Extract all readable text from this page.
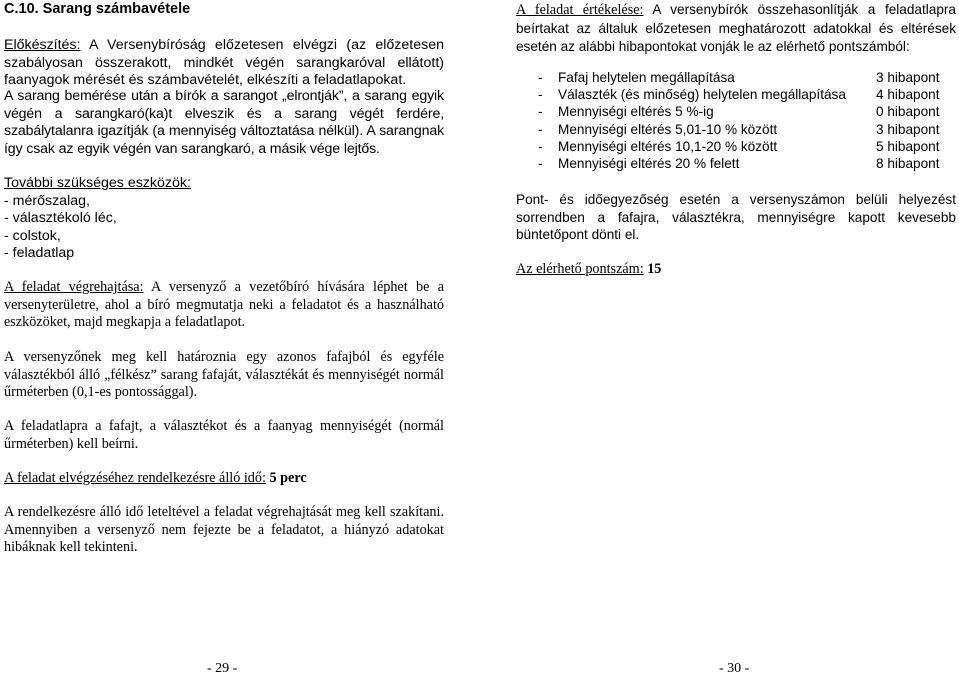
C.10. Sarang számbavétele

Előkészítés: A Versenybíróság előzetesen elvégzi (az előzetesen szabályosan összerakott, mindkét végén sarangkaróval ellátott) faanyagok mérését és számbavételét, elkészíti a feladatlapokat.

A sarang bemérése után a bírók a sarangot „elrontják”, a sarang egyik végén a sarangkaró(ka)t elveszik és a sarang végét ferdére, szabálytalanra igazítják (a mennyiség változtatása nélkül). A sarangnak így csak az egyik végén van sarangkaró, a másik vége lejtős.

További szükséges eszközök:

- mérőszalag,
- választékoló léc,
- colstok,
- feladatlap

A feladat végrehajtása: A versenyző a vezetőbíró hívására léphet be a versenyterületre, ahol a bíró megmutatja neki a feladatot és a használható eszközöket, majd megkapja a feladatlapot.

A versenyzőnek meg kell határoznia egy azonos fafajból és egyféle választékból álló „félkész” sarang fafaját, választékát és mennyiségét normál űrméterben (0,1-es pontossággal).

A feladatlapra a fafajt, a választékot és a faanyag mennyiségét (normál űrméterben) kell beírni.

A feladat elvégzéséhez rendelkezésre álló idő: 5 perc

A rendelkezésre álló idő leteltével a feladat végrehajtását meg kell szakítani. Amennyiben a versenyző nem fejezte be a feladatot, a hiányzó adatokat hibáknak kell tekinteni.

- 29 -

A feladat értékelése: A versenybírók összehasonlítják a feladatlapra beírtakat az általuk előzetesen meghatározott adatokkal és eltérések esetén az alábbi hibapontokat vonják le az elérhető pontszámból:

-	Fafaj helytelen megállapítása	3 hibapont
-	Választék (és minőség) helytelen megállapítása	4 hibapont
-	Mennyiségi eltérés 5 %-ig	0 hibapont
-	Mennyiségi eltérés 5,01-10 % között	3 hibapont
-	Mennyiségi eltérés 10,1-20 % között	5 hibapont
-	Mennyiségi eltérés 20 % felett	8 hibapont

Pont- és időegyezőség esetén a versenyszámon belüli helyezést sorrendben a fafajra, választékra, mennyiségre kapott kevesebb büntetőpont dönti el.

Az elérhető pontszám: 15

- 30 -
